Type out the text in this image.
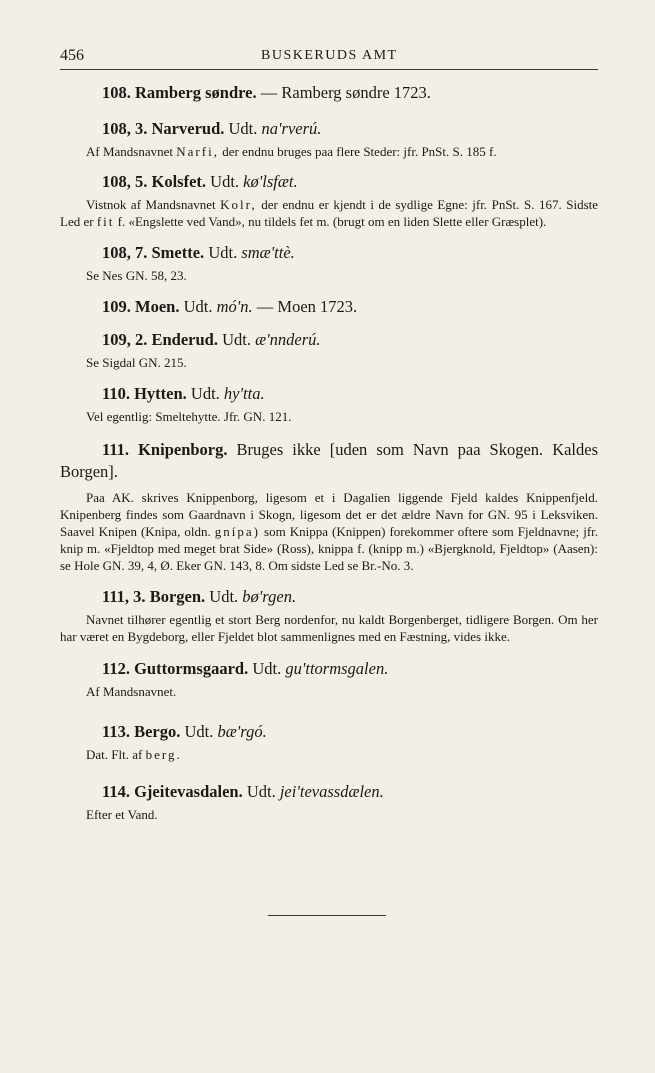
456	BUSKERUDS AMT

108. Ramberg søndre. — Ramberg søndre 1723.

108, 3. Narverud. Udt. na'rverú.

Af Mandsnavnet Narfi, der endnu bruges paa flere Steder: jfr. PnSt. S. 185 f.

108, 5. Kolsfet. Udt. kø'lsfæt.

Vistnok af Mandsnavnet Kolr, der endnu er kjendt i de sydlige Egne: jfr. PnSt. S. 167. Sidste Led er fit f. «Engslette ved Vand», nu tildels fet m. (brugt om en liden Slette eller Græsplet).

108, 7. Smette. Udt. smæ'ttè.

Se Nes GN. 58, 23.

109. Moen. Udt. mó'n. — Moen 1723.

109, 2. Enderud. Udt. æ'nnderú.

Se Sigdal GN. 215.

110. Hytten. Udt. hy'tta.

Vel egentlig: Smeltehytte. Jfr. GN. 121.

111. Knipenborg. Bruges ikke [uden som Navn paa Skogen. Kaldes Borgen].

Paa AK. skrives Knippenborg, ligesom et i Dagalien liggende Fjeld kaldes Knippenfjeld. Knipenberg findes som Gaardnavn i Skogn, ligesom det er det ældre Navn for GN. 95 i Leksviken. Saavel Knipen (Knipa, oldn. gnípa) som Knippa (Knippen) forekommer oftere som Fjeldnavne; jfr. knip m. «Fjeldtop med meget brat Side» (Ross), knippa f. (knipp m.) «Bjergknold, Fjeldtop» (Aasen): se Hole GN. 39, 4, Ø. Eker GN. 143, 8. Om sidste Led se Br.-No. 3.

111, 3. Borgen. Udt. bø'rgen.

Navnet tilhører egentlig et stort Berg nordenfor, nu kaldt Borgenberget, tidligere Borgen. Om her har været en Bygdeborg, eller Fjeldet blot sammenlignes med en Fæstning, vides ikke.

112. Guttormsgaard. Udt. gu'ttormsgalen.

Af Mandsnavnet.

113. Bergo. Udt. bæ'rgó.

Dat. Flt. af berg.

114. Gjeitevasdalen. Udt. jei'tevassdælen.

Efter et Vand.
